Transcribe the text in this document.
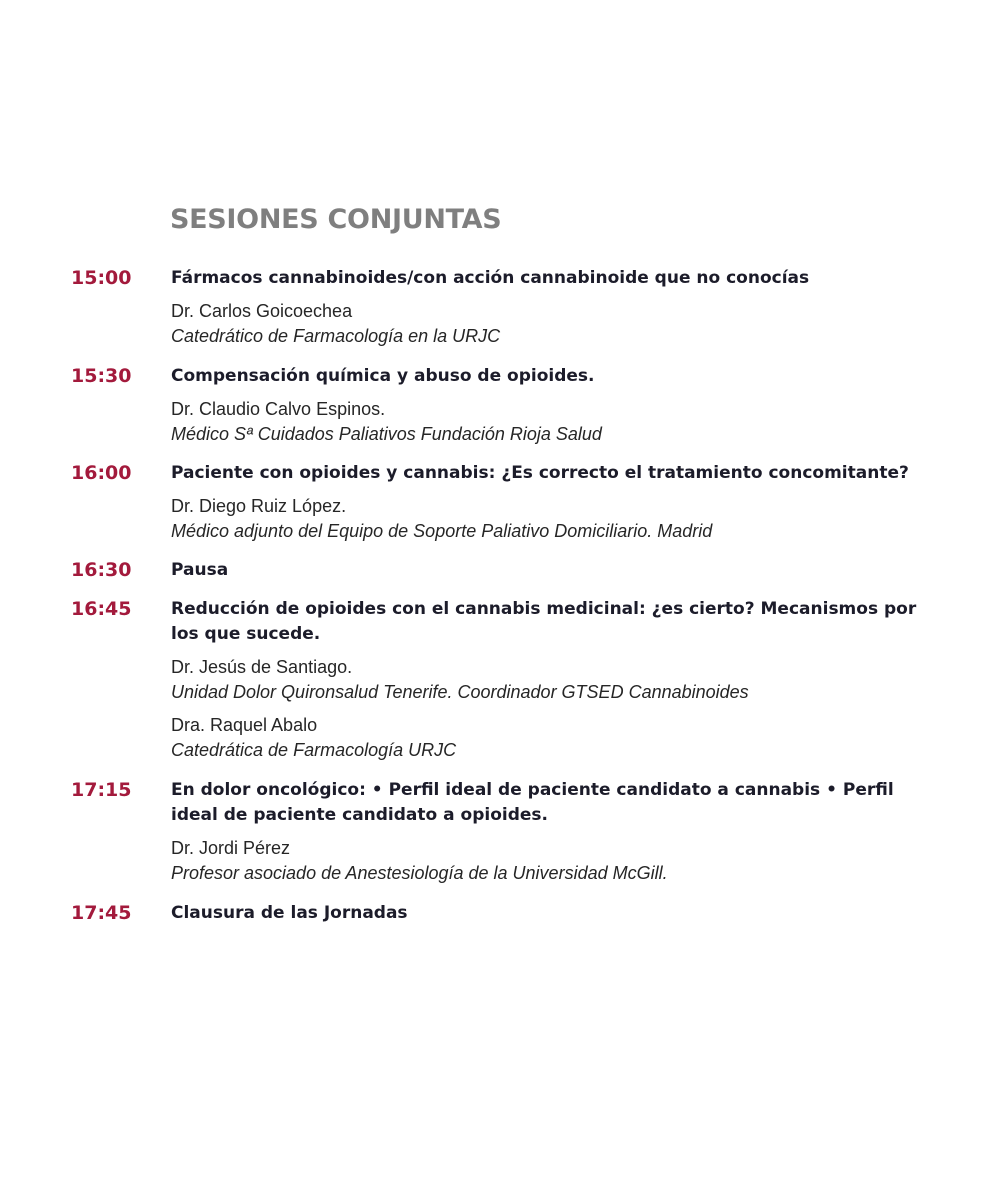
SESIONES CONJUNTAS
15:00 Fármacos cannabinoides/con acción cannabinoide que no conocías
Dr. Carlos Goicoechea
Catedrático de Farmacología en la URJC
15:30 Compensación química y abuso de opioides.
Dr. Claudio Calvo Espinos.
Médico Sª Cuidados Paliativos Fundación Rioja Salud
16:00 Paciente con opioides y cannabis: ¿Es correcto el tratamiento concomitante?
Dr. Diego Ruiz López.
Médico adjunto del Equipo de Soporte Paliativo Domiciliario. Madrid
16:30 Pausa
16:45 Reducción de opioides con el cannabis medicinal: ¿es cierto? Mecanismos por los que sucede.
Dr. Jesús de Santiago.
Unidad Dolor Quironsalud Tenerife. Coordinador GTSED Cannabinoides
Dra. Raquel Abalo
Catedrática de Farmacología URJC
17:15 En dolor oncológico: • Perfil ideal de paciente candidato a cannabis • Perfil ideal de paciente candidato a opioides.
Dr. Jordi Pérez
Profesor asociado de Anestesiología de la Universidad McGill.
17:45 Clausura de las Jornadas
